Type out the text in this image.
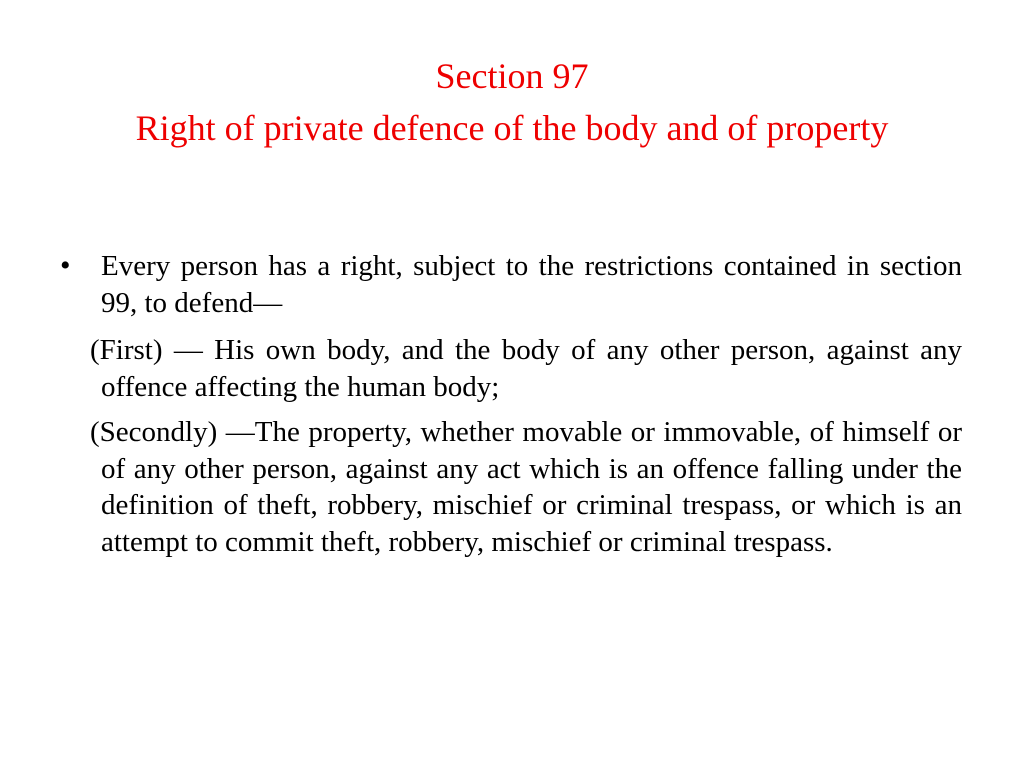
Section 97
Right of private defence of the body and of property
• Every person has a right, subject to the restrictions contained in section 99, to defend—
(First) — His own body, and the body of any other person, against any offence affecting the human body;
(Secondly) —The property, whether movable or immovable, of himself or of any other person, against any act which is an offence falling under the definition of theft, robbery, mischief or criminal trespass, or which is an attempt to commit theft, robbery, mischief or criminal trespass.
